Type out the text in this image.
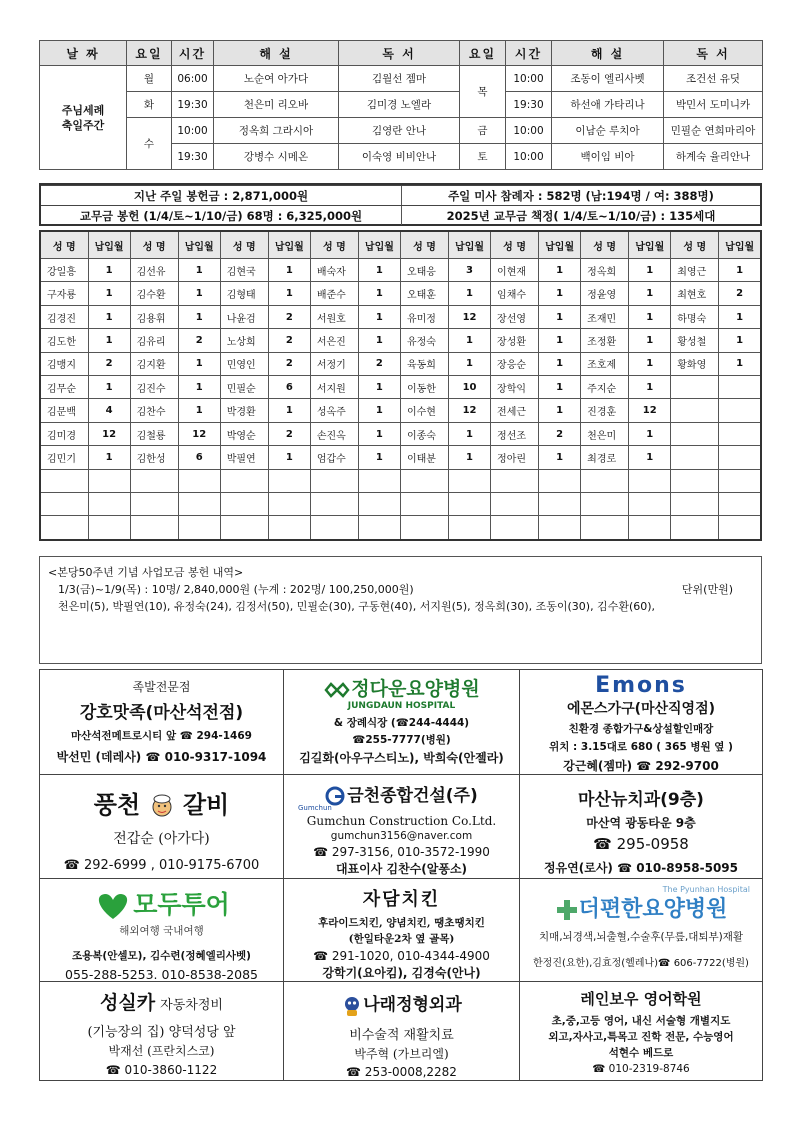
날 짜	요일	시간	해 설	독 서	요일	시간	해 설	독 서
주님세례
축일주간	월	06:00	노순여 아가다	김월선 젬마	목	10:00	조동이 엘리사벳	조건선 유딧
	화	19:30	천은미 리오바	김미경 노엘라		19:30	하선애 가타리나	박민서 도미니카
	수	10:00	정옥희 그라시아	김영란 안나	금	10:00	이남순 루치아	민필순 연희마리아
		19:30	강병수 시메온	이숙영 비비안나	토	10:00	백이임 비아	하계숙 율리안나
지난 주일 봉헌금 : 2,871,000원	주일 미사 참례자 : 582명 (남:194명 / 여: 388명)
교무금 봉헌 (1/4/토~1/10/금) 68명 : 6,325,000원	2025년 교무금 책정( 1/4/토~1/10/금) : 135세대
성 명	납입월	성 명	납입월	성 명	납입월	성 명	납입월	성 명	납입월	성 명	납입월	성 명	납입월	성 명	납입월
강일흥	1	김선유	1	김현국	1	배숙자	1	오태응	3	이현재	1	정옥희	1	최영근	1
구자룡	1	김수환	1	김형태	1	배준수	1	오태훈	1	임채수	1	정윤영	1	최현호	2
김경진	1	김용휘	1	나윤검	2	서원호	1	유미정	12	장선영	1	조재민	1	하명숙	1
김도한	1	김유리	2	노상희	2	서은진	1	유정숙	1	장성환	1	조정환	1	황성철	1
김맹지	2	김지환	1	민영인	2	서정기	2	육동희	1	장응순	1	조호제	1	황화영	1
김무순	1	김진수	1	민필순	6	서지원	1	이동한	10	장학익	1	주지순	1		
김문백	4	김찬수	1	박경환	1	성옥주	1	이수현	12	전세근	1	진경훈	12		
김미경	12	김철룡	12	박영순	2	손진옥	1	이종숙	1	정선조	2	천은미	1		
김민기	1	김한성	6	박필연	1	엄갑수	1	이태분	1	정아린	1	최경로	1		

<본당50주년 기념 사업모금 봉헌 내역>
1/3(금)~1/9(목) : 10명/ 2,840,000원 (누계 : 202명/ 100,250,000원)	단위(만원)
천은미(5), 박필연(10), 유정숙(24), 김정서(50), 민필순(30), 구동현(40), 서지원(5), 정옥희(30), 조동이(30), 김수환(60),
족발전문점
강호맛족(마산석전점)
마산석전메트로시티 앞 ☎ 294-1469
박선민 (데레사) ☎ 010-9317-1094
정다운요양병원
JUNGDAUN HOSPITAL
& 장례식장 (☎244-4444)
☎255-7777(병원)
김길화(아우구스티노), 박희숙(안젤라)
Emons
에몬스가구(마산직영점)
친환경 종합가구&상설할인매장
위치 : 3.15대로 680 ( 365 병원 옆 )
강근혜(젬마) ☎ 292-9700
풍천 갈비
전갑순 (아가다)
☎ 292-6999 , 010-9175-6700
금천종합건설(주)
Gumchun
Gumchun Construction Co.Ltd.
gumchun3156@naver.com
☎ 297-3156, 010-3572-1990
대표이사 김찬수(알퐁소)
마산뉴치과(9층)
마산역 광동타운 9층
☎ 295-0958
정유연(로사) ☎ 010-8958-5095
모두투어
해외여행 국내여행
조용복(안셀모), 김수련(정혜엘리사벳)
055-288-5253. 010-8538-2085
자담치킨
후라이드치킨, 양념치킨, 땡초땡치킨
(한일타운2차 옆 골목)
☎ 291-1020, 010-4344-4900
강학기(요아킴), 김경숙(안나)
The Pyunhan Hospital
더편한요양병원
치매,뇌경색,뇌출혈,수술후(무릎,대퇴부)재활
한정진(요한),김효정(헬레나)☎ 606-7722(병원)
성실카 자동차정비
(기능장의 집) 양덕성당 앞
박재선 (프란치스코)
☎ 010-3860-1122
나래정형외과
비수술적 재활치료
박주혁 (가브리엘)
☎ 253-0008,2282
레인보우 영어학원
초,중,고등 영어, 내신 서술형 개별지도
외고,자사고,특목고 진학 전문, 수능영어
석현수 베드로
☎ 010-2319-8746
